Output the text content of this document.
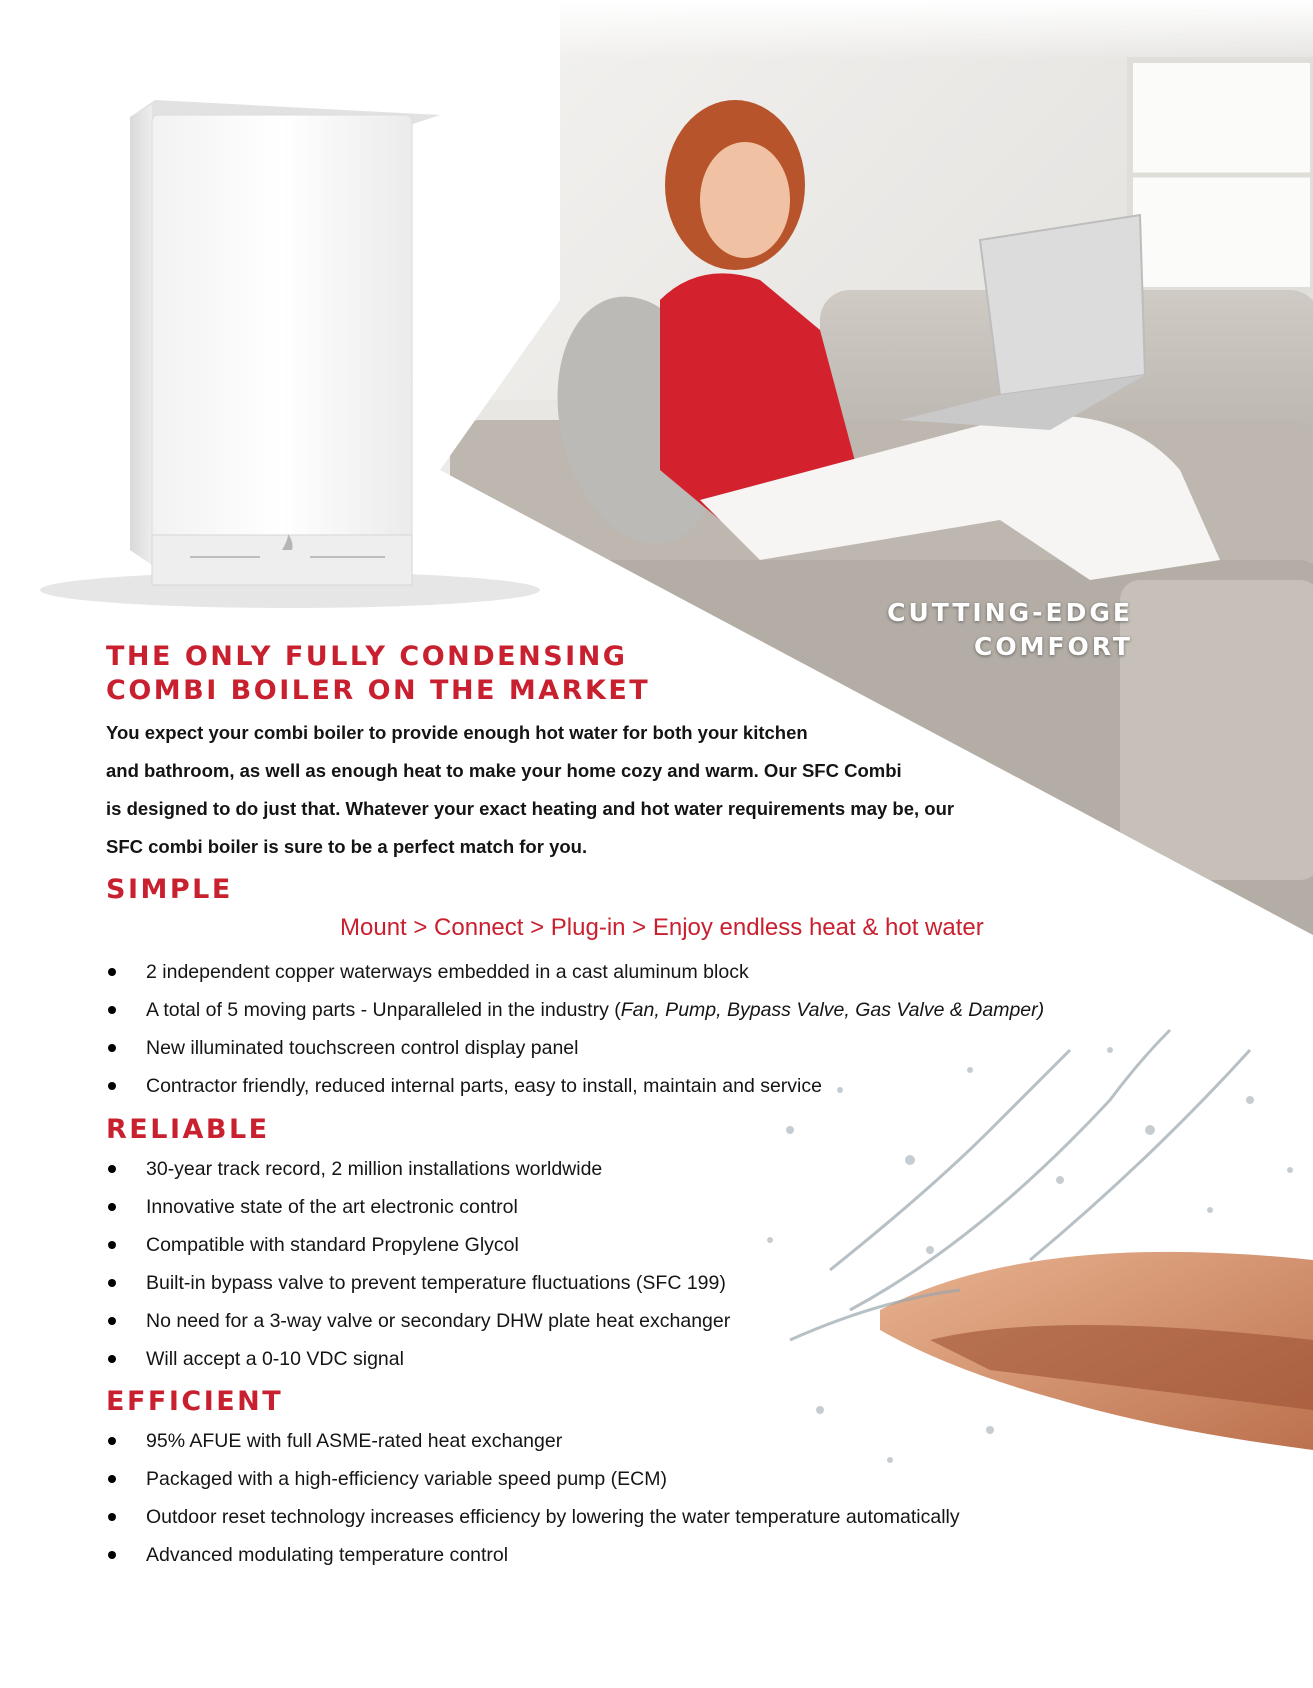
CUTTING-EDGE
COMFORT
THE ONLY FULLY CONDENSING
COMBI BOILER ON THE MARKET
You expect your combi boiler to provide enough hot water for both your kitchen
and bathroom, as well as enough heat to make your home cozy and warm. Our SFC Combi
is designed to do just that. Whatever your exact heating and hot water requirements may be, our
SFC combi boiler is sure to be a perfect match for you.
SIMPLE
Mount > Connect > Plug-in > Enjoy endless heat & hot water
2 independent copper waterways embedded in a cast aluminum block
A total of 5 moving parts - Unparalleled in the industry (Fan, Pump, Bypass Valve, Gas Valve & Damper)
New illuminated touchscreen control display panel
Contractor friendly, reduced internal parts, easy to install, maintain and service
RELIABLE
30-year track record, 2 million installations worldwide
Innovative state of the art electronic control
Compatible with standard Propylene Glycol
Built-in bypass valve to prevent temperature fluctuations (SFC 199)
No need for a 3-way valve or secondary DHW plate heat exchanger
Will accept a 0-10 VDC signal
EFFICIENT
95% AFUE with full ASME-rated heat exchanger
Packaged with a high-efficiency variable speed pump (ECM)
Outdoor reset technology increases efficiency by lowering the water temperature automatically
Advanced modulating temperature control
